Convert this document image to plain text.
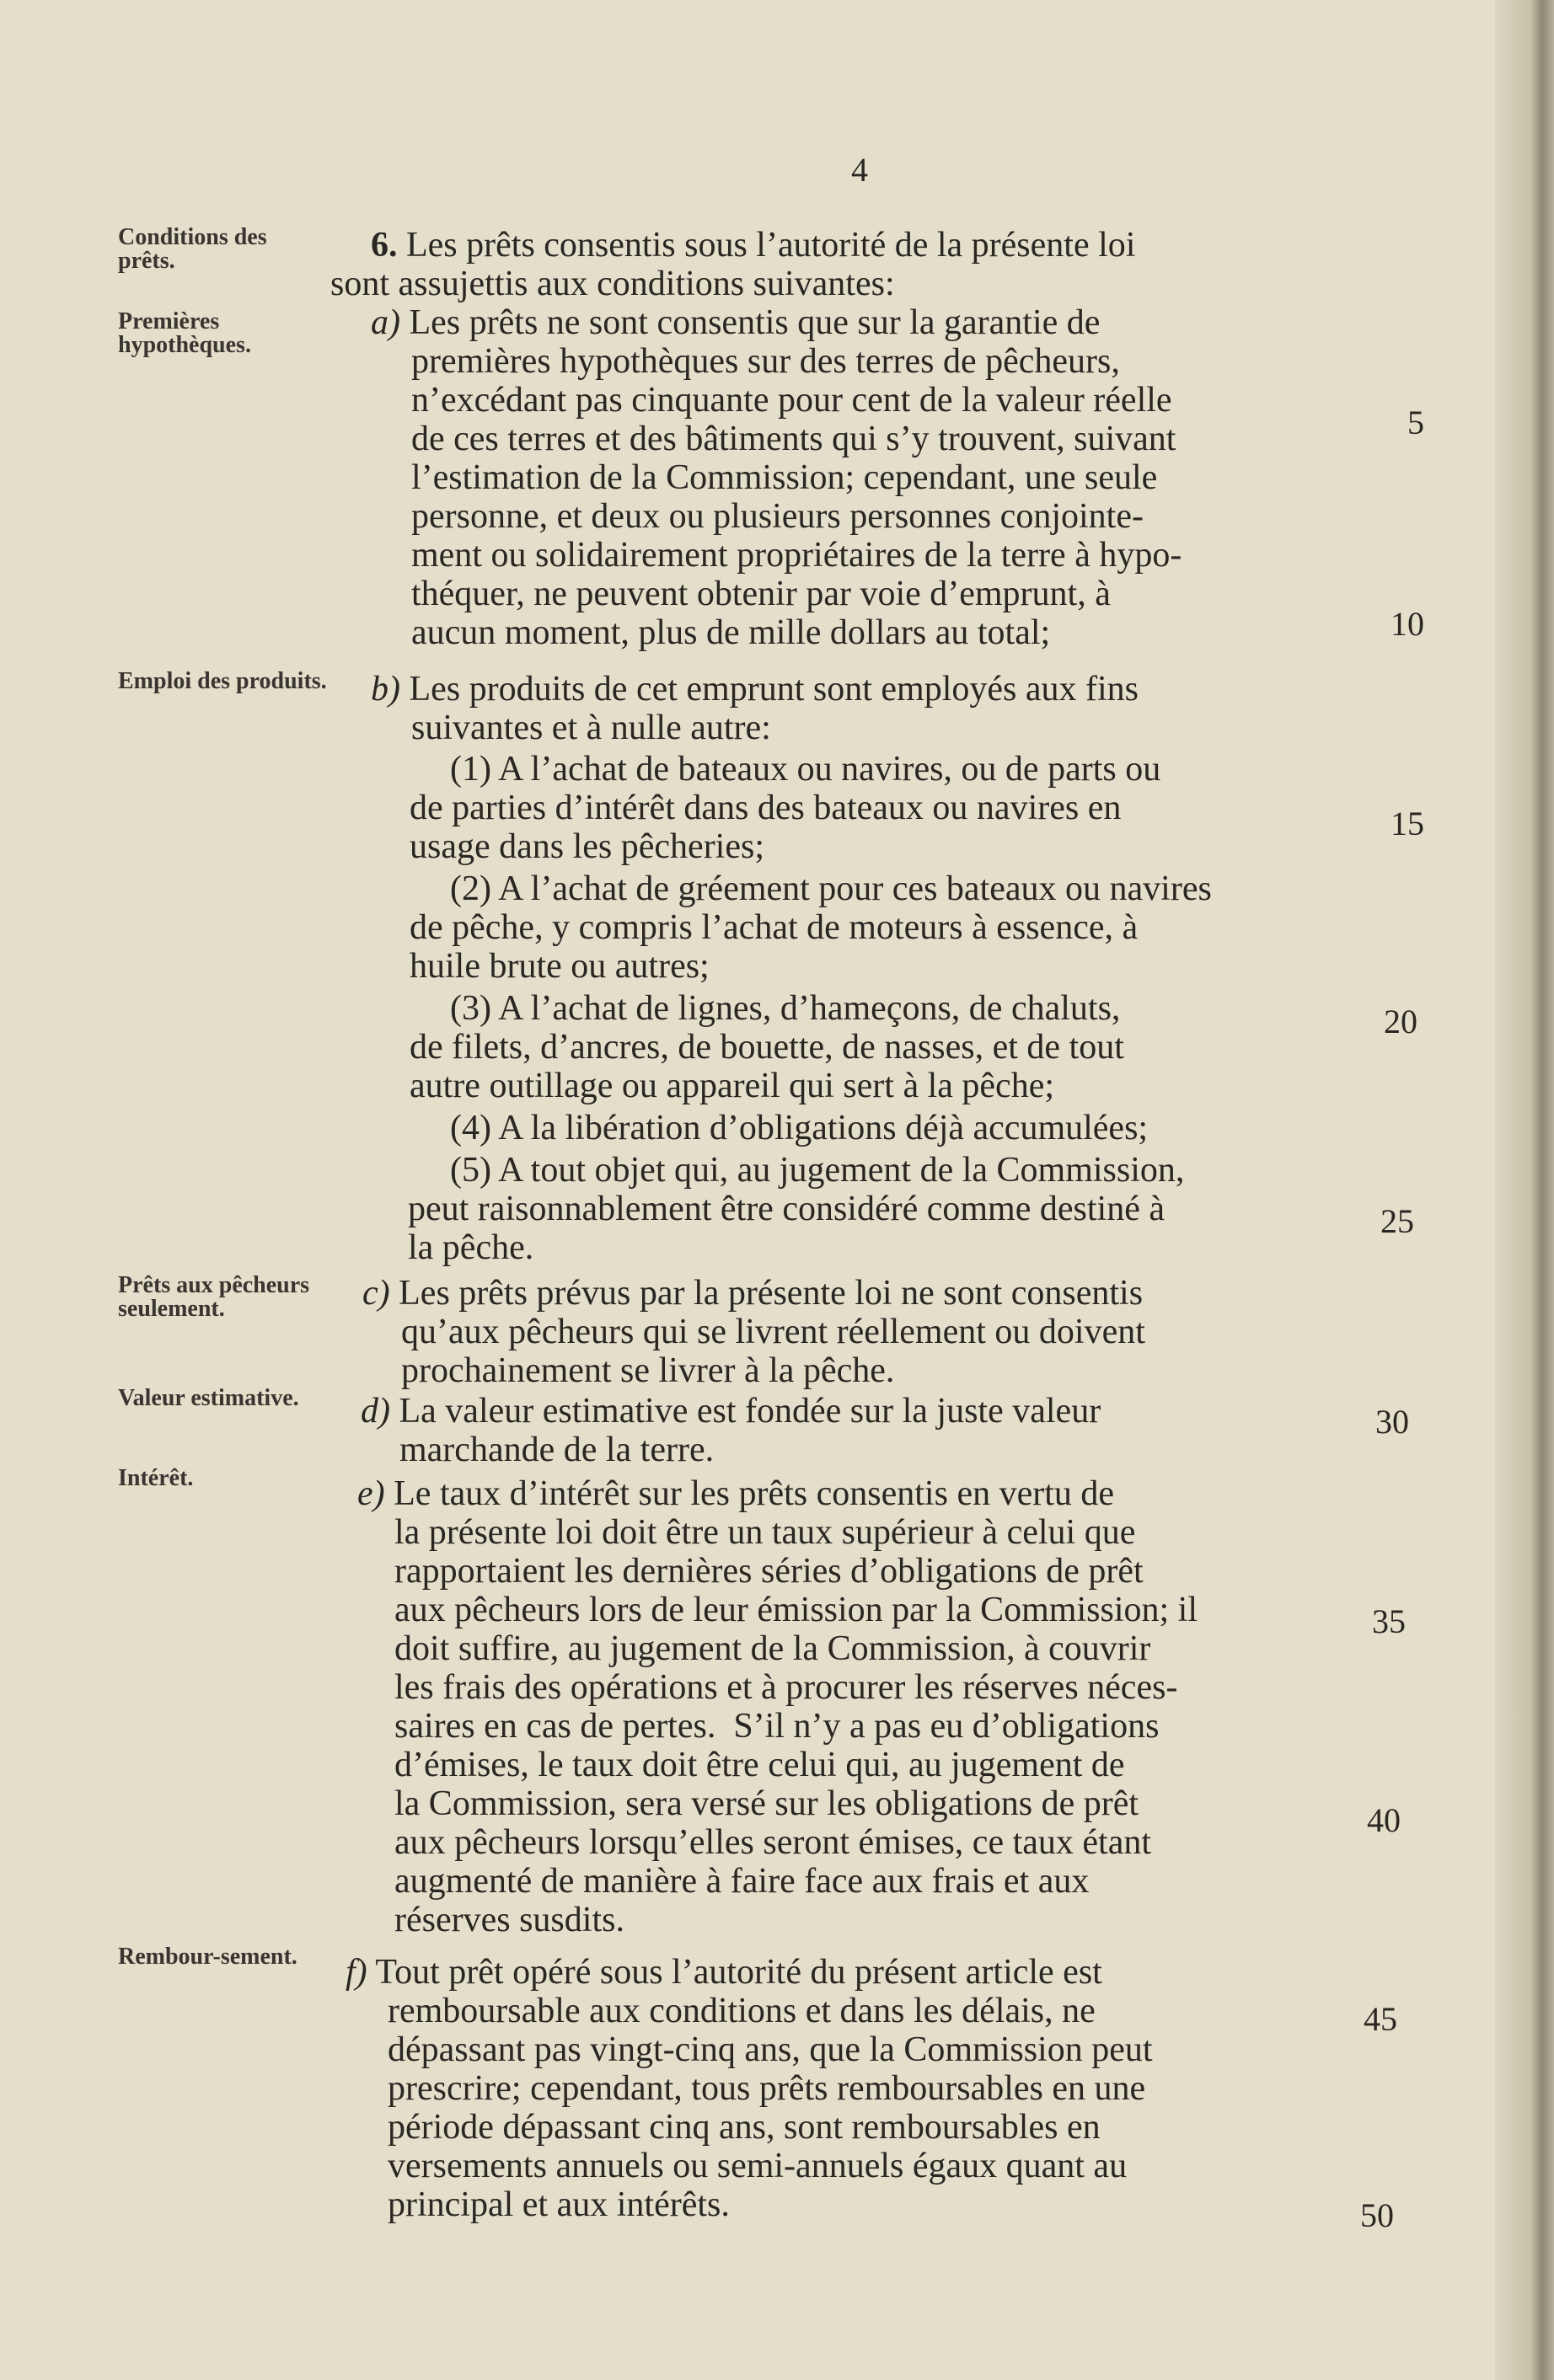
4
Conditions des prêts.
Premières hypothèques.
Emploi des produits.
Prêts aux pêcheurs seulement.
Valeur estimative.
Intérêt.
Rembour-sement.
6. Les prêts consentis sous l’autorité de la présente loi
sont assujettis aux conditions suivantes:
a) Les prêts ne sont consentis que sur la garantie de
premières hypothèques sur des terres de pêcheurs,
n’excédant pas cinquante pour cent de la valeur réelle
de ces terres et des bâtiments qui s’y trouvent, suivant
l’estimation de la Commission; cependant, une seule
personne, et deux ou plusieurs personnes conjointe-
ment ou solidairement propriétaires de la terre à hypo-
théquer, ne peuvent obtenir par voie d’emprunt, à
aucun moment, plus de mille dollars au total;
b) Les produits de cet emprunt sont employés aux fins
suivantes et à nulle autre:
(1) A l’achat de bateaux ou navires, ou de parts ou
de parties d’intérêt dans des bateaux ou navires en
usage dans les pêcheries;
(2) A l’achat de gréement pour ces bateaux ou navires
de pêche, y compris l’achat de moteurs à essence, à
huile brute ou autres;
(3) A l’achat de lignes, d’hameçons, de chaluts,
de filets, d’ancres, de bouette, de nasses, et de tout
autre outillage ou appareil qui sert à la pêche;
(4) A la libération d’obligations déjà accumulées;
(5) A tout objet qui, au jugement de la Commission,
peut raisonnablement être considéré comme destiné à
la pêche.
c) Les prêts prévus par la présente loi ne sont consentis
qu’aux pêcheurs qui se livrent réellement ou doivent
prochainement se livrer à la pêche.
d) La valeur estimative est fondée sur la juste valeur
marchande de la terre.
e) Le taux d’intérêt sur les prêts consentis en vertu de
la présente loi doit être un taux supérieur à celui que
rapportaient les dernières séries d’obligations de prêt
aux pêcheurs lors de leur émission par la Commission; il
doit suffire, au jugement de la Commission, à couvrir
les frais des opérations et à procurer les réserves néces-
saires en cas de pertes.  S’il n’y a pas eu d’obligations
d’émises, le taux doit être celui qui, au jugement de
la Commission, sera versé sur les obligations de prêt
aux pêcheurs lorsqu’elles seront émises, ce taux étant
augmenté de manière à faire face aux frais et aux
réserves susdits.
f) Tout prêt opéré sous l’autorité du présent article est
remboursable aux conditions et dans les délais, ne
dépassant pas vingt-cinq ans, que la Commission peut
prescrire; cependant, tous prêts remboursables en une
période dépassant cinq ans, sont remboursables en
versements annuels ou semi-annuels égaux quant au
principal et aux intérêts.
5
10
15
20
25
30
35
40
45
50
